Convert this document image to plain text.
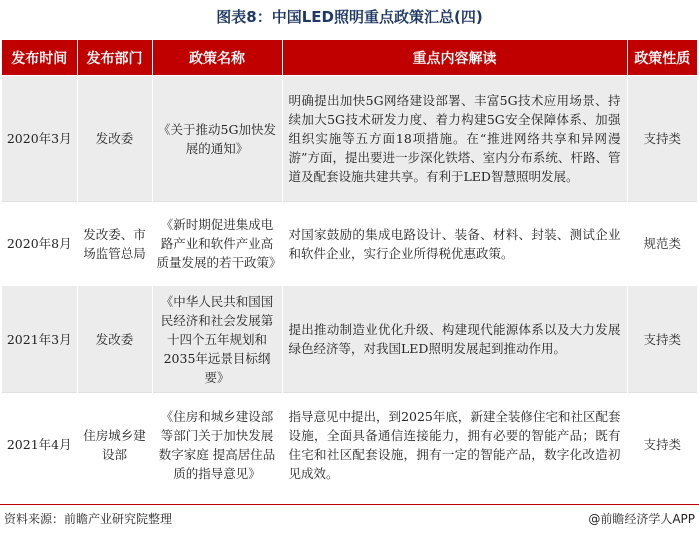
图表8：中国LED照明重点政策汇总(四)
发布时间	发布部门	政策名称	重点内容解读	政策性质
2020年3月	发改委	《关于推动5G加快发展的通知》	明确提出加快5G网络建设部署、丰富5G技术应用场景、持续加大5G技术研发力度、着力构建5G安全保障体系、加强组织实施等五方面18项措施。在“推进网络共享和异网漫游”方面，提出要进一步深化铁塔、室内分布系统、杆路、管道及配套设施共建共享。有利于LED智慧照明发展。	支持类
2020年8月	发改委、市场监管总局	《新时期促进集成电路产业和软件产业高质量发展的若干政策》	对国家鼓励的集成电路设计、装备、材料、封装、测试企业和软件企业，实行企业所得税优惠政策。	规范类
2021年3月	发改委	《中华人民共和国国民经济和社会发展第十四个五年规划和2035年远景目标纲要》	提出推动制造业优化升级、构建现代能源体系以及大力发展绿色经济等，对我国LED照明发展起到推动作用。	支持类
2021年4月	住房城乡建设部	《住房和城乡建设部等部门关于加快发展数字家庭 提高居住品质的指导意见》	指导意见中提出，到2025年底，新建全装修住宅和社区配套设施，全面具备通信连接能力，拥有必要的智能产品；既有住宅和社区配套设施，拥有一定的智能产品，数字化改造初见成效。	支持类
资料来源：前瞻产业研究院整理	@前瞻经济学人APP
